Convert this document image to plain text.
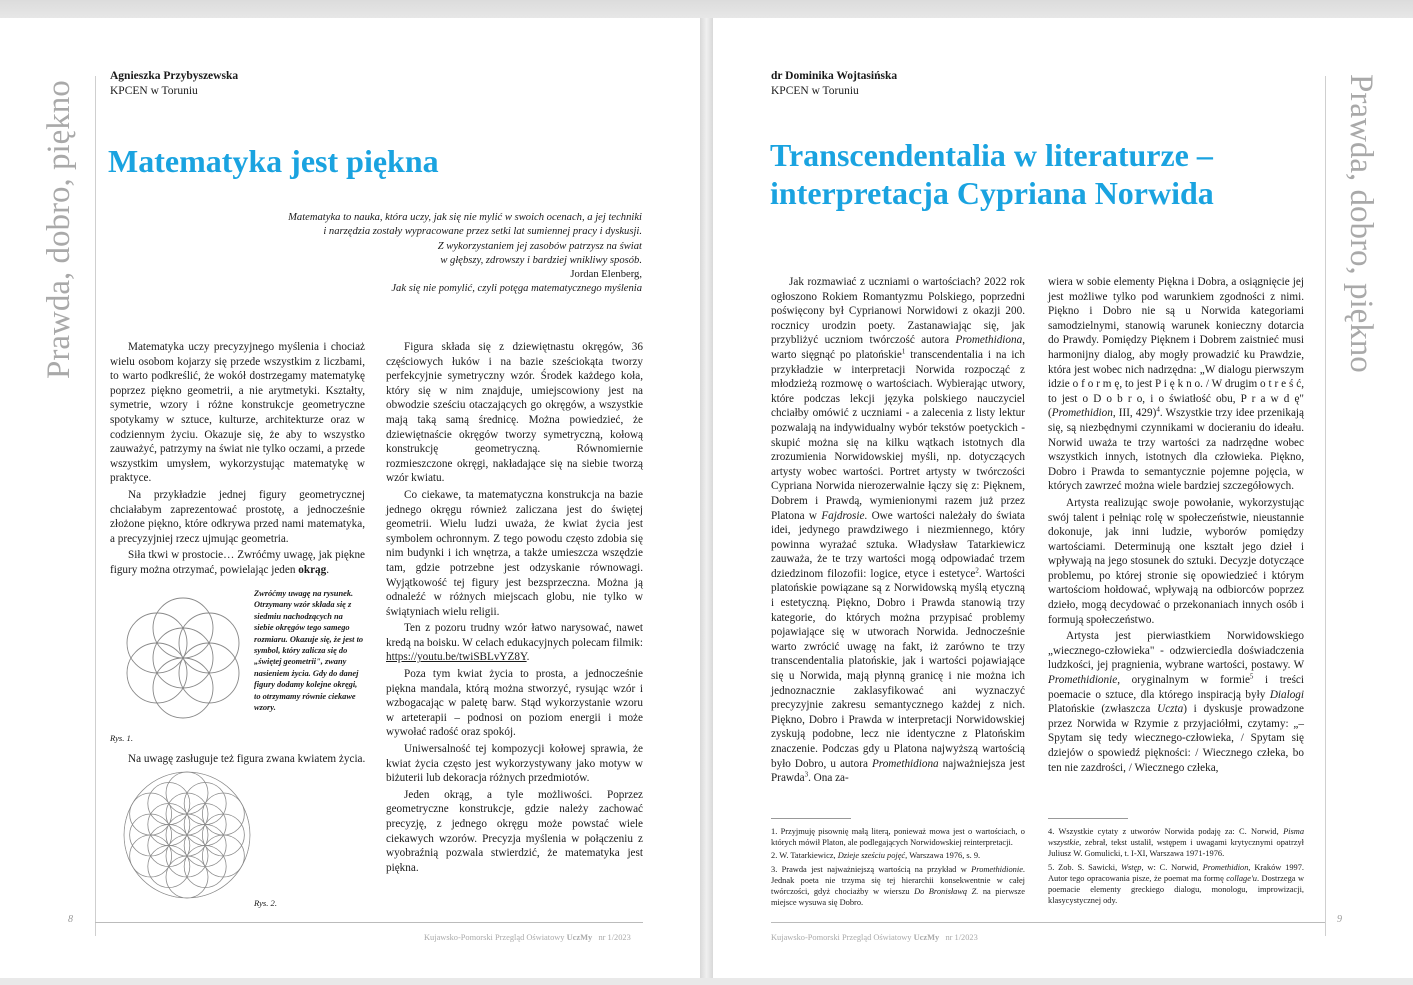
Prawda, dobro, piękno
Agnieszka Przybyszewska
KPCEN w Toruniu
Matematyka jest piękna
Matematyka to nauka, która uczy, jak się nie mylić w swoich ocenach, a jej techniki
i narzędzia zostały wypracowane przez setki lat sumiennej pracy i dyskusji.
Z wykorzystaniem jej zasobów patrzysz na świat
w głębszy, zdrowszy i bardziej wnikliwy sposób.
Jordan Elenberg,
Jak się nie pomylić, czyli potęga matematycznego myślenia

Matematyka uczy precyzyjnego myślenia i chociaż wielu osobom kojarzy się przede wszystkim z liczbami, to warto podkreślić, że wokół dostrzegamy matematykę poprzez piękno geometrii, a nie arytmetyki. Kształty, symetrie, wzory i różne konstrukcje geometryczne spotykamy w sztuce, kulturze, architekturze oraz w codziennym życiu. Okazuje się, że aby to wszystko zauważyć, patrzymy na świat nie tylko oczami, a przede wszystkim umysłem, wykorzystując matematykę w praktyce.

Na przykładzie jednej figury geometrycznej chciałabym zaprezentować prostotę, a jednocześnie złożone piękno, które odkrywa przed nami matematyka, a precyzyjniej rzecz ujmując geometria.

Siła tkwi w prostocie… Zwróćmy uwagę, jak piękne figury można otrzymać, powielając jeden okrąg.

Zwróćmy uwagę na rysunek. Otrzymany wzór składa się z siedmiu nachodzących na siebie okręgów tego samego rozmiaru. Okazuje się, że jest to symbol, który zalicza się do „świętej geometrii", zwany nasieniem życia. Gdy do danej figury dodamy kolejne okręgi, to otrzymamy równie ciekawe wzory.
Rys. 1.

Na uwagę zasługuje też figura zwana kwiatem życia.

Rys. 2.

Figura składa się z dziewiętnastu okręgów, 36 częściowych łuków i na bazie sześciokąta tworzy perfekcyjnie symetryczny wzór. Środek każdego koła, który się w nim znajduje, umiejscowiony jest na obwodzie sześciu otaczających go okręgów, a wszystkie mają taką samą średnicę. Można powiedzieć, że dziewiętnaście okręgów tworzy symetryczną, kołową konstrukcję geometryczną. Równomiernie rozmieszczone okręgi, nakładające się na siebie tworzą wzór kwiatu.

Co ciekawe, ta matematyczna konstrukcja na bazie jednego okręgu również zaliczana jest do świętej geometrii. Wielu ludzi uważa, że kwiat życia jest symbolem ochronnym. Z tego powodu często zdobia się nim budynki i ich wnętrza, a także umieszcza wszędzie tam, gdzie potrzebne jest odzyskanie równowagi. Wyjątkowość tej figury jest bezsprzeczna. Można ją odnaleźć w różnych miejscach globu, nie tylko w świątyniach wielu religii.

Ten z pozoru trudny wzór łatwo narysować, nawet kredą na boisku. W celach edukacyjnych polecam filmik: https://youtu.be/twiSBLvYZ8Y.

Poza tym kwiat życia to prosta, a jednocześnie piękna mandala, którą można stworzyć, rysując wzór i wzbogacając w paletę barw. Stąd wykorzystanie wzoru w arteterapii – podnosi on poziom energii i może wywołać radość oraz spokój.

Uniwersalność tej kompozycji kołowej sprawia, że kwiat życia często jest wykorzystywany jako motyw w biżuterii lub dekoracja różnych przedmiotów.

Jeden okrąg, a tyle możliwości. Poprzez geometryczne konstrukcje, gdzie należy zachować precyzję, z jednego okręgu może powstać wiele ciekawych wzorów. Precyzja myślenia w połączeniu z wyobraźnią pozwala stwierdzić, że matematyka jest piękna.

8
Kujawsko-Pomorski Przegląd Oświatowy UczMy nr 1/2023
Prawda, dobro, piękno
dr Dominika Wojtasińska
KPCEN w Toruniu
Transcendentalia w literaturze –
interpretacja Cypriana Norwida

Jak rozmawiać z uczniami o wartościach? 2022 rok ogłoszono Rokiem Romantyzmu Polskiego, poprzedni poświęcony był Cyprianowi Norwidowi z okazji 200. rocznicy urodzin poety. Zastanawiając się, jak przybliżyć uczniom twórczość autora Promethidiona, warto sięgnąć po platońskie$^1$ transcendentalia i na ich przykładzie w interpretacji Norwida rozpocząć z młodzieżą rozmowę o wartościach. Wybierając utwory, które podczas lekcji języka polskiego nauczyciel chciałby omówić z uczniami - a zalecenia z listy lektur pozwalają na indywidualny wybór tekstów poetyckich - skupić można się na kilku wątkach istotnych dla zrozumienia Norwidowskiej myśli, np. dotyczących artysty wobec wartości. Portret artysty w twórczości Cypriana Norwida nierozerwalnie łączy się z: Pięknem, Dobrem i Prawdą, wymienionymi razem już przez Platona w Fajdrosie. Owe wartości należały do świata idei, jedynego prawdziwego i niezmiennego, który powinna wyrażać sztuka. Władysław Tatarkiewicz zauważa, że te trzy wartości mogą odpowiadać trzem dziedzinom filozofii: logice, etyce i estetyce$^2$. Wartości platońskie powiązane są z Norwidowską myślą etyczną i estetyczną. Piękno, Dobro i Prawda stanowią trzy kategorie, do których można przypisać problemy pojawiające się w utworach Norwida. Jednocześnie warto zwrócić uwagę na fakt, iż zarówno te trzy transcendentalia platońskie, jak i wartości pojawiające się u Norwida, mają płynną granicę i nie można ich jednoznacznie zaklasyfikować ani wyznaczyć precyzyjnie zakresu semantycznego każdej z nich. Piękno, Dobro i Prawda w interpretacji Norwidowskiej zyskują podobne, lecz nie identyczne z Platońskim znaczenie. Podczas gdy u Platona najwyższą wartością było Dobro, u autora Promethidiona najważniejsza jest Prawda$^3$. Ona za-

wiera w sobie elementy Piękna i Dobra, a osiągnięcie jej jest możliwe tylko pod warunkiem zgodności z nimi. Piękno i Dobro nie są u Norwida kategoriami samodzielnymi, stanowią warunek konieczny dotarcia do Prawdy. Pomiędzy Pięknem i Dobrem zaistnieć musi harmonijny dialog, aby mogły prowadzić ku Prawdzie, która jest wobec nich nadrzędna: „W dialogu pierwszym idzie o f o r m ę, to jest P i ę k n o. / W drugim o t r e ś ć, to jest o D o b r o, i o światłość obu, P r a w d ę" (Promethidion, III, 429)$^4$. Wszystkie trzy idee przenikają się, są niezbędnymi czynnikami w docieraniu do ideału. Norwid uważa te trzy wartości za nadrzędne wobec wszystkich innych, istotnych dla człowieka. Piękno, Dobro i Prawda to semantycznie pojemne pojęcia, w których zawrzeć można wiele bardziej szczegółowych.

Artysta realizując swoje powołanie, wykorzystując swój talent i pełniąc rolę w społeczeństwie, nieustannie dokonuje, jak inni ludzie, wyborów pomiędzy wartościami. Determinują one kształt jego dzieł i wpływają na jego stosunek do sztuki. Decyzje dotyczące problemu, po której stronie się opowiedzieć i którym wartościom hołdować, wpływają na odbiorców poprzez dzieło, mogą decydować o przekonaniach innych osób i formują społeczeństwo.

Artysta jest pierwiastkiem Norwidowskiego „wiecznego-człowieka" - odzwierciedla doświadczenia ludzkości, jej pragnienia, wybrane wartości, postawy. W Promethidionie, oryginalnym w formie$^5$ i treści poemacie o sztuce, dla którego inspiracją były Dialogi Platońskie (zwłaszcza Uczta) i dyskusje prowadzone przez Norwida w Rzymie z przyjaciółmi, czytamy: „– Spytam się tedy wiecznego-człowieka, / Spytam się dziejów o spowiedź piękności: / Wiecznego człeka, bo ten nie zazdrości, / Wiecznego człeka,

1. Przyjmuję pisownię małą literą, ponieważ mowa jest o wartościach, o których mówił Platon, ale podlegających Norwidowskiej reinterpretacji.

2. W. Tatarkiewicz, Dzieje sześciu pojęć, Warszawa 1976, s. 9.

3. Prawda jest najważniejszą wartością na przykład w Promethidionie. Jednak poeta nie trzyma się tej hierarchii konsekwentnie w całej twórczości, gdyż chociażby w wierszu Do Bronisławą Z. na pierwsze miejsce wysuwa się Dobro.

4. Wszystkie cytaty z utworów Norwida podaję za: C. Norwid, Pisma wszystkie, zebrał, tekst ustalił, wstępem i uwagami krytycznymi opatrzył Juliusz W. Gomulicki, t. I-XI, Warszawa 1971-1976.

5. Zob. S. Sawicki, Wstęp, w: C. Norwid, Promethidion, Kraków 1997. Autor tego opracowania pisze, że poemat ma formę collage'u. Dostrzega w poemacie elementy greckiego dialogu, monologu, improwizacji, klasycystycznej ody.

9
Kujawsko-Pomorski Przegląd Oświatowy UczMy nr 1/2023
